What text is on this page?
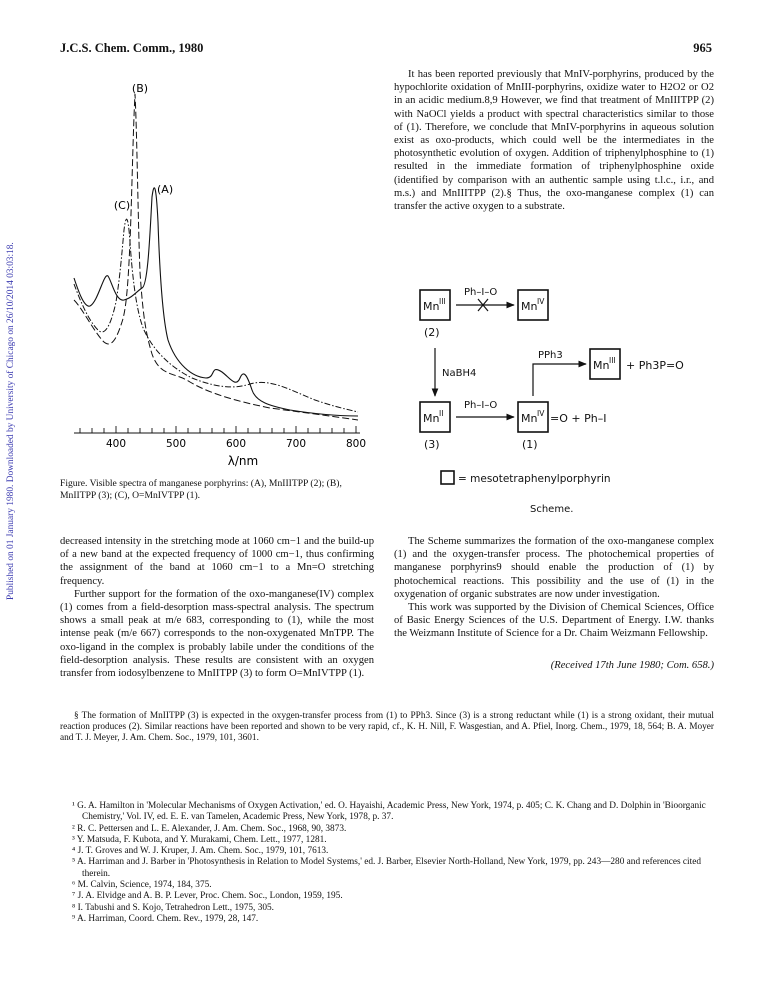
Published on 01 January 1980. Downloaded by University of Chicago on 26/10/2014 03:03:18.
J.C.S. Chem. Comm., 1980	965
400	500	600	700	800
λ/nm
(B)
(C)
(A)
Figure. Visible spectra of manganese porphyrins: (A), MnIIITPP (2); (B), MnIITPP (3); (C), O=MnIVTPP (1).

It has been reported previously that MnIV-porphyrins, produced by the hypochlorite oxidation of MnIII-porphyrins, oxidize water to H2O2 or O2 in an acidic medium.8,9 However, we find that treatment of MnIIITPP (2) with NaOCl yields a product with spectral characteristics similar to those of (1). Therefore, we conclude that MnIV-porphyrins in aqueous solution exist as oxo-products, which could well be the intermediates in the photosynthetic evolution of oxygen. Addition of triphenylphosphine to (1) resulted in the immediate formation of triphenylphosphine oxide (identified by comparison with an authentic sample using t.l.c., i.r., and m.s.) and MnIIITPP (2).§ Thus, the oxo-manganese complex (1) can transfer the active oxygen to a substrate.

Mn III
Ph–I–O
Mn IV
(2)
NaBH4
Mn II
Ph–I–O
Mn IV =O + Ph–I
(3)	(1)
PPh3
Mn III + Ph3P=O
= mesotetraphenylporphyrin
Scheme.

decreased intensity in the stretching mode at 1060 cm−1 and the build-up of a new band at the expected frequency of 1000 cm−1, thus confirming the assignment of the band at 1060 cm−1 to a Mn=O stretching frequency.

Further support for the formation of the oxo-manganese(IV) complex (1) comes from a field-desorption mass-spectral analysis. The spectrum shows a small peak at m/e 683, corresponding to (1), while the most intense peak (m/e 667) corresponds to the non-oxygenated MnTPP. The oxo-ligand in the complex is probably labile under the conditions of the field-desorption analysis. These results are consistent with an oxygen transfer from iodosylbenzene to MnIITPP (3) to form O=MnIVTPP (1).

The Scheme summarizes the formation of the oxo-manganese complex (1) and the oxygen-transfer process. The photochemical properties of manganese porphyrins9 should enable the production of (1) by photochemical reactions. This possibility and the use of (1) in the oxygenation of organic substrates are now under investigation.

This work was supported by the Division of Chemical Sciences, Office of Basic Energy Sciences of the U.S. Department of Energy. I.W. thanks the Weizmann Institute of Science for a Dr. Chaim Weizmann Fellowship.

(Received 17th June 1980; Com. 658.)
§ The formation of MnIITPP (3) is expected in the oxygen-transfer process from (1) to PPh3. Since (3) is a strong reductant while (1) is a strong oxidant, their mutual reaction produces (2). Similar reactions have been reported and shown to be very rapid, cf., K. H. Nill, F. Wasgestian, and A. Pfiel, Inorg. Chem., 1979, 18, 564; B. A. Moyer and T. J. Meyer, J. Am. Chem. Soc., 1979, 101, 3601.
¹ G. A. Hamilton in 'Molecular Mechanisms of Oxygen Activation,' ed. O. Hayaishi, Academic Press, New York, 1974, p. 405; C. K. Chang and D. Dolphin in 'Bioorganic Chemistry,' Vol. IV, ed. E. E. van Tamelen, Academic Press, New York, 1978, p. 37.
² R. C. Pettersen and L. E. Alexander, J. Am. Chem. Soc., 1968, 90, 3873.
³ Y. Matsuda, F. Kubota, and Y. Murakami, Chem. Lett., 1977, 1281.
⁴ J. T. Groves and W. J. Kruper, J. Am. Chem. Soc., 1979, 101, 7613.
⁵ A. Harriman and J. Barber in 'Photosynthesis in Relation to Model Systems,' ed. J. Barber, Elsevier North-Holland, New York, 1979, pp. 243—280 and references cited therein.
⁶ M. Calvin, Science, 1974, 184, 375.
⁷ J. A. Elvidge and A. B. P. Lever, Proc. Chem. Soc., London, 1959, 195.
⁸ I. Tabushi and S. Kojo, Tetrahedron Lett., 1975, 305.
⁹ A. Harriman, Coord. Chem. Rev., 1979, 28, 147.
